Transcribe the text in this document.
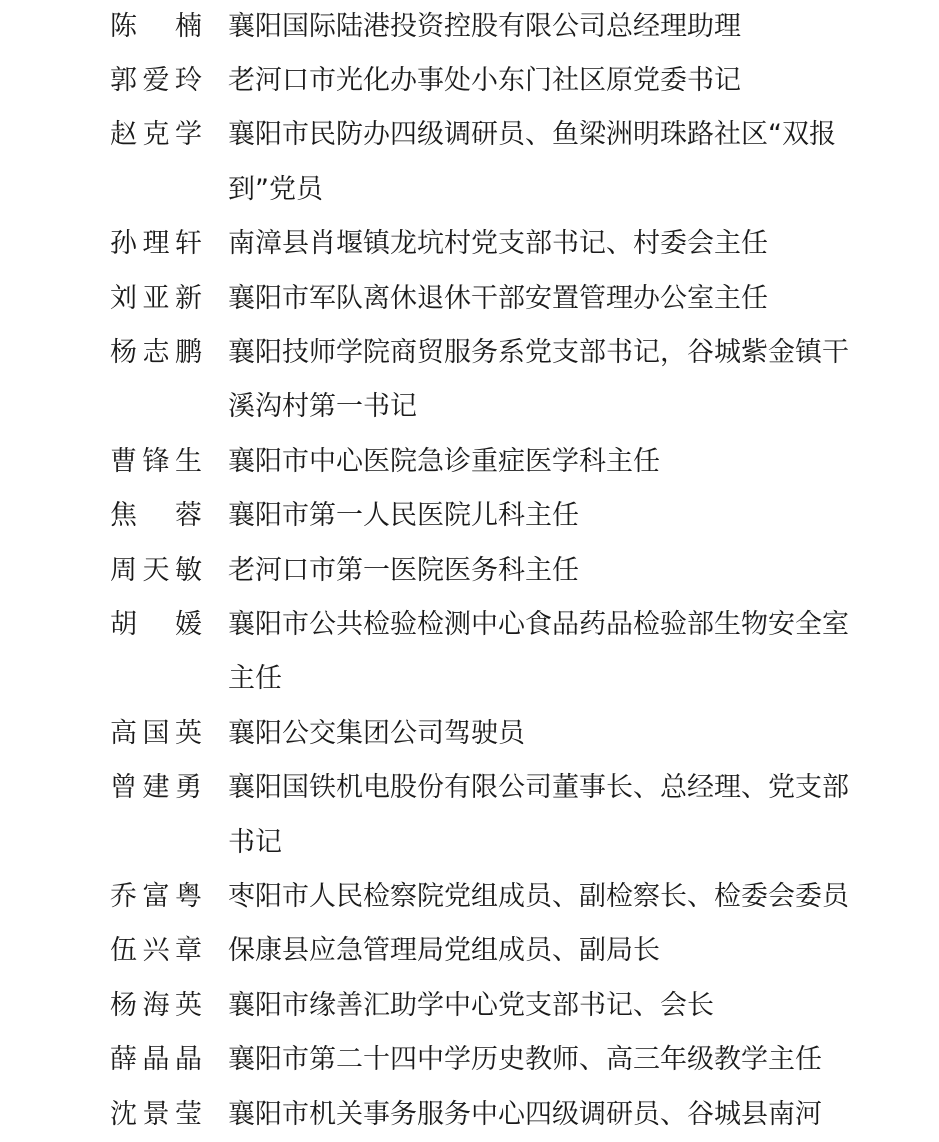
陈 楠 襄阳国际陆港投资控股有限公司总经理助理
郭 爱 玲 老河口市光化办事处小东门社区原党委书记
赵 克 学 襄阳市民防办四级调研员、鱼梁洲明珠路社区“双报到”党员
孙 理 轩 南漳县肖堰镇龙坑村党支部书记、村委会主任
刘 亚 新 襄阳市军队离休退休干部安置管理办公室主任
杨 志 鹏 襄阳技师学院商贸服务系党支部书记，谷城紫金镇干溪沟村第一书记
曹 锋 生 襄阳市中心医院急诊重症医学科主任
焦 蓉 襄阳市第一人民医院儿科主任
周 天 敏 老河口市第一医院医务科主任
胡 媛 襄阳市公共检验检测中心食品药品检验部生物安全室主任
高 国 英 襄阳公交集团公司驾驶员
曾 建 勇 襄阳国铁机电股份有限公司董事长、总经理、党支部书记
乔 富 粤 枣阳市人民检察院党组成员、副检察长、检委会委员
伍 兴 章 保康县应急管理局党组成员、副局长
杨 海 英 襄阳市缘善汇助学中心党支部书记、会长
薛 晶 晶 襄阳市第二十四中学历史教师、高三年级教学主任
沈 景 莹 襄阳市机关事务服务中心四级调研员、谷城县南河
